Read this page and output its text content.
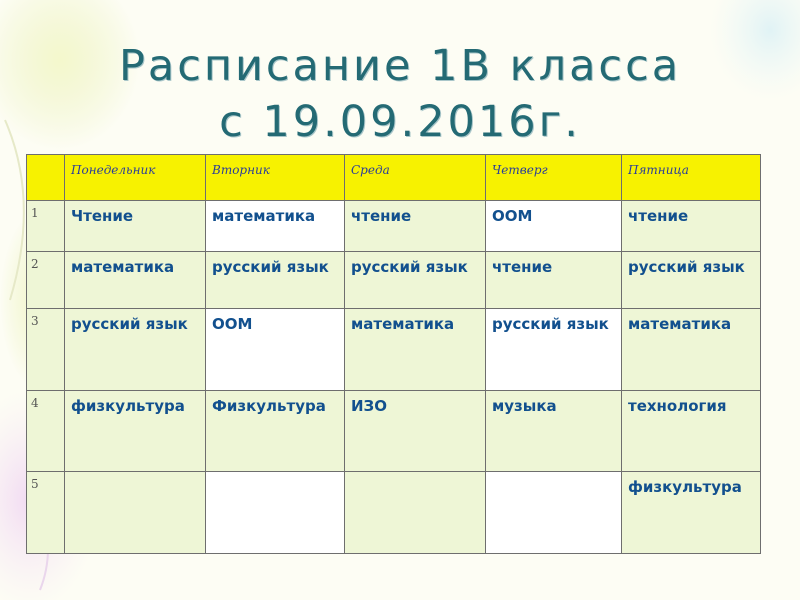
Расписание 1В класса
с 19.09.2016г.
	Понедельник	Вторник	Среда	Четверг	Пятница
1	Чтение	математика	чтение	ООМ	чтение
2	математика	русский язык	русский язык	чтение	русский язык
3	русский язык	ООМ	математика	русский язык	математика
4	физкультура	Физкультура	ИЗО	музыка	технология
5					физкультура
